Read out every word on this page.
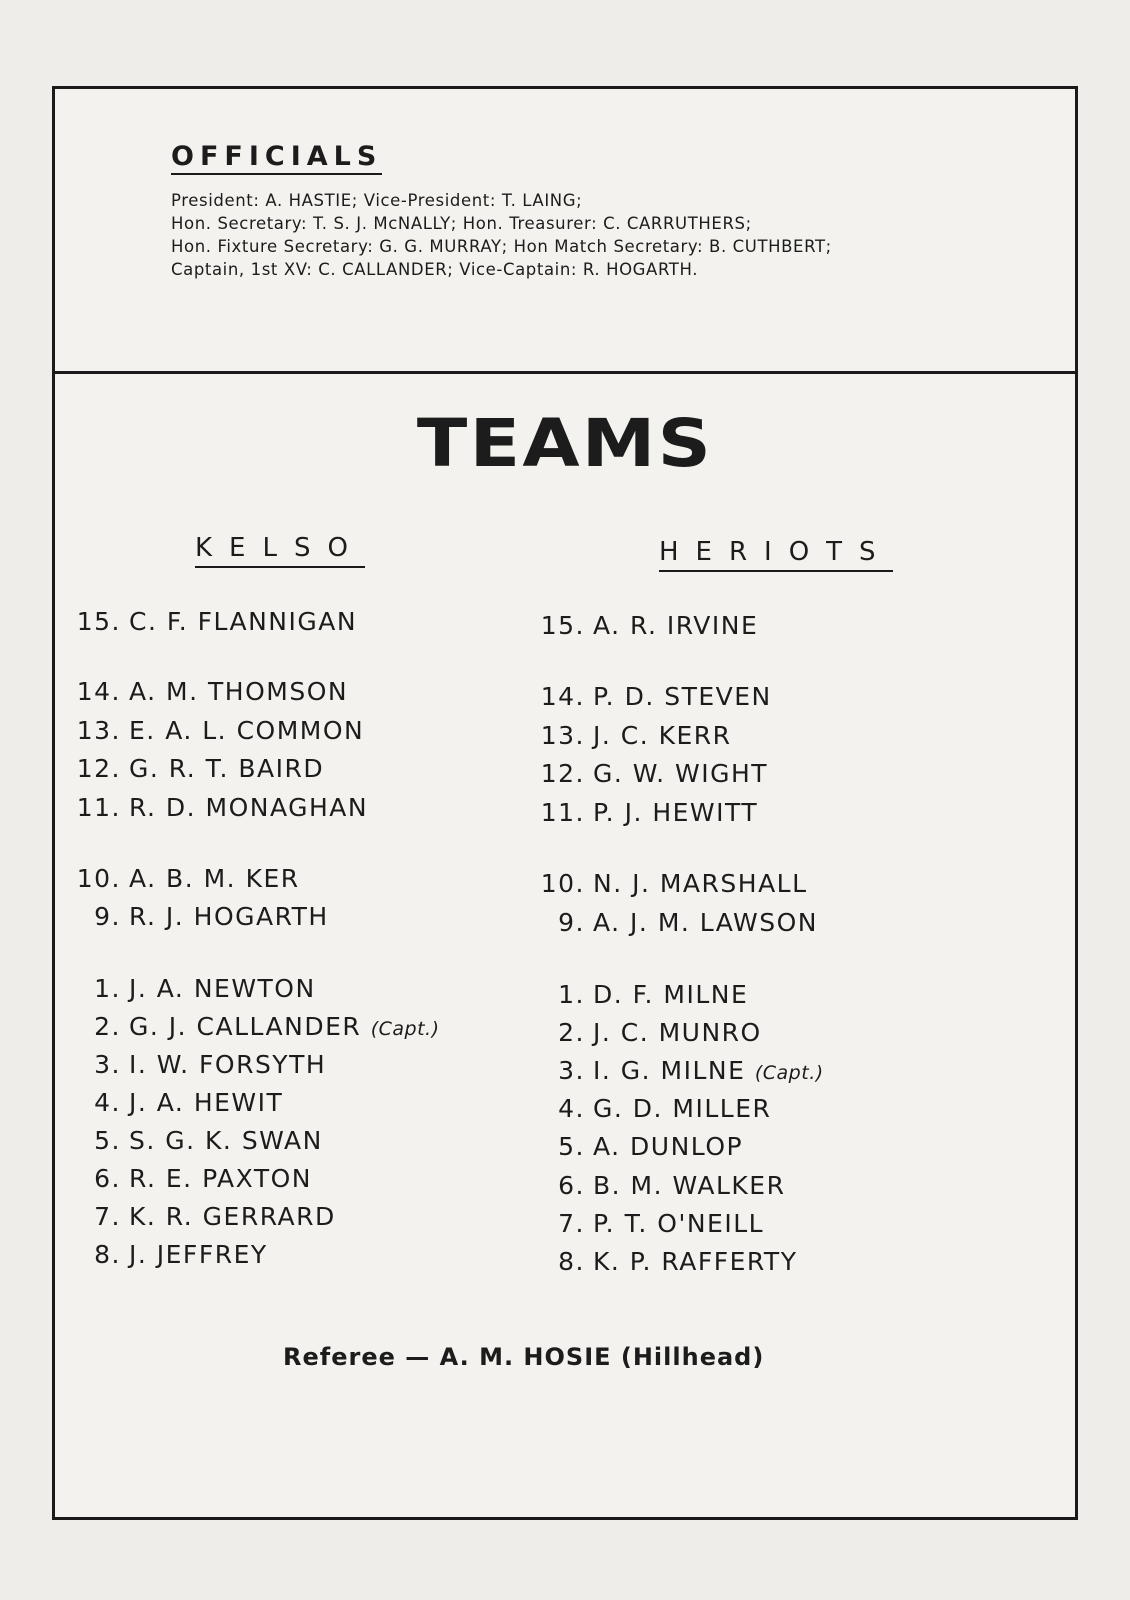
OFFICIALS
President: A. HASTIE; Vice-President: T. LAING;
Hon. Secretary: T. S. J. McNALLY; Hon. Treasurer: C. CARRUTHERS;
Hon. Fixture Secretary: G. G. MURRAY; Hon Match Secretary: B. CUTHBERT;
Captain, 1st XV: C. CALLANDER; Vice-Captain: R. HOGARTH.
TEAMS
KELSO	HERIOTS
15. C. F. FLANNIGAN
14. A. M. THOMSON
13. E. A. L. COMMON
12. G. R. T. BAIRD
11. R. D. MONAGHAN
10. A. B. M. KER
9. R. J. HOGARTH
1. J. A. NEWTON
2. G. J. CALLANDER (Capt.)
3. I. W. FORSYTH
4. J. A. HEWIT
5. S. G. K. SWAN
6. R. E. PAXTON
7. K. R. GERRARD
8. J. JEFFREY
15. A. R. IRVINE
14. P. D. STEVEN
13. J. C. KERR
12. G. W. WIGHT
11. P. J. HEWITT
10. N. J. MARSHALL
9. A. J. M. LAWSON
1. D. F. MILNE
2. J. C. MUNRO
3. I. G. MILNE (Capt.)
4. G. D. MILLER
5. A. DUNLOP
6. B. M. WALKER
7. P. T. O'NEILL
8. K. P. RAFFERTY
Referee — A. M. HOSIE (Hillhead)
